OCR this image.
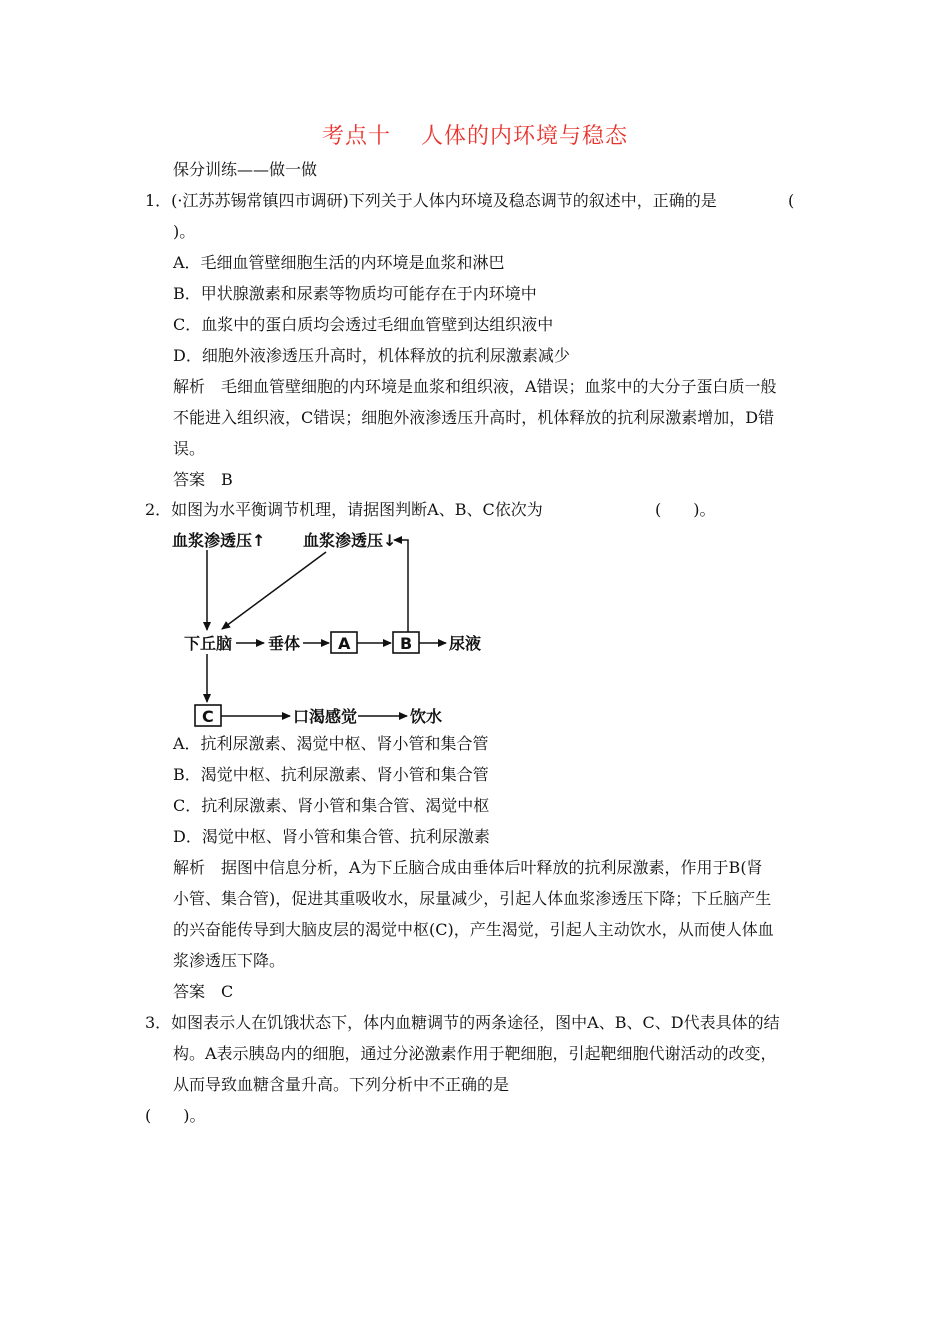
考点十 人体的内环境与稳态
保分训练——做一做
1．(·江苏苏锡常镇四市调研)下列关于人体内环境及稳态调节的叙述中，正确的是	(
)。
A．毛细血管壁细胞生活的内环境是血浆和淋巴
B．甲状腺激素和尿素等物质均可能存在于内环境中
C．血浆中的蛋白质均会透过毛细血管壁到达组织液中
D．细胞外液渗透压升高时，机体释放的抗利尿激素减少
解析　毛细血管壁细胞的内环境是血浆和组织液，A错误；血浆中的大分子蛋白质一般
不能进入组织液，C错误；细胞外液渗透压升高时，机体释放的抗利尿激素增加，D错
误。
答案　B
2．如图为水平衡调节机理，请据图判断A、B、C依次为	(　　)。
血浆渗透压↑ 血浆渗透压↓
下丘脑 垂体	尿液
口渴感觉	饮水
A	B
C
A．抗利尿激素、渴觉中枢、肾小管和集合管
B．渴觉中枢、抗利尿激素、肾小管和集合管
C．抗利尿激素、肾小管和集合管、渴觉中枢
D．渴觉中枢、肾小管和集合管、抗利尿激素
解析　据图中信息分析，A为下丘脑合成由垂体后叶释放的抗利尿激素，作用于B(肾
小管、集合管)，促进其重吸收水，尿量减少，引起人体血浆渗透压下降；下丘脑产生
的兴奋能传导到大脑皮层的渴觉中枢(C)，产生渴觉，引起人主动饮水，从而使人体血
浆渗透压下降。
答案　C
3．如图表示人在饥饿状态下，体内血糖调节的两条途径，图中A、B、C、D代表具体的结
构。A表示胰岛内的细胞，通过分泌激素作用于靶细胞，引起靶细胞代谢活动的改变，
从而导致血糖含量升高。下列分析中不正确的是
(　　)。
